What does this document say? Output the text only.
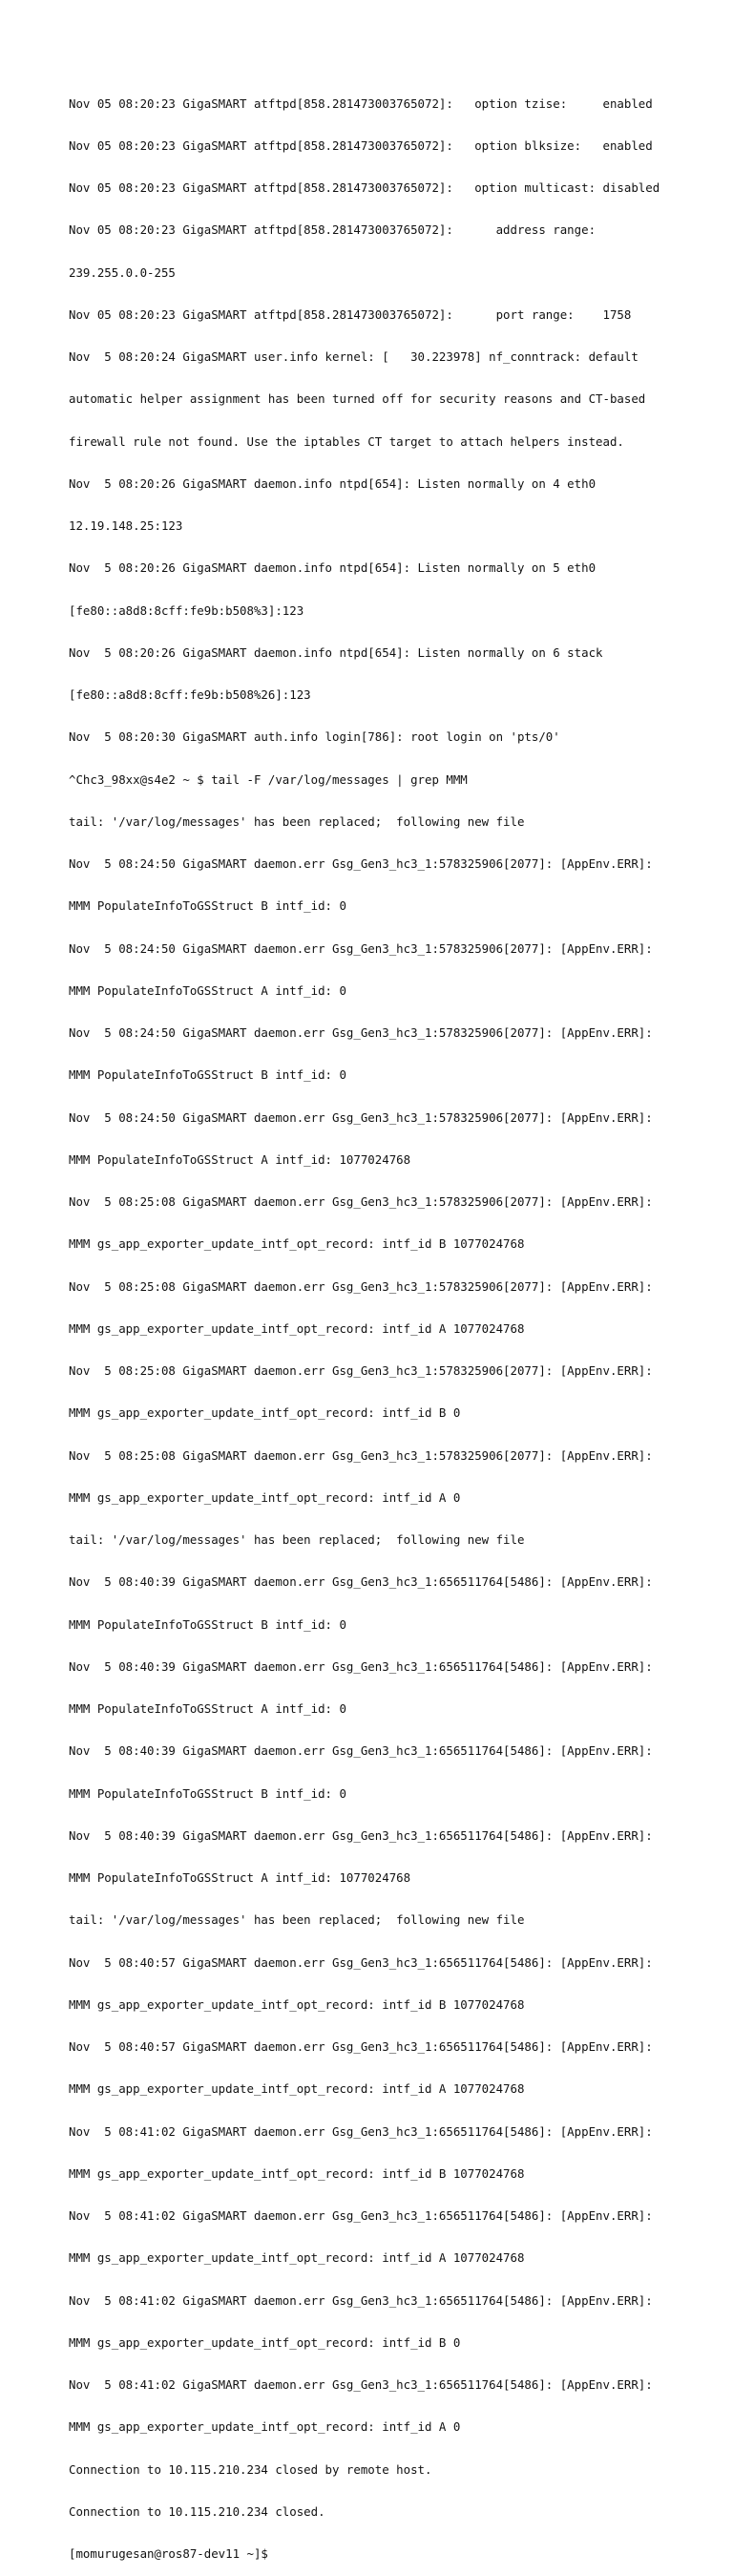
Nov 05 08:20:23 GigaSMART atftpd[858.281473003765072]:   option tzise:     enabled

Nov 05 08:20:23 GigaSMART atftpd[858.281473003765072]:   option blksize:   enabled

Nov 05 08:20:23 GigaSMART atftpd[858.281473003765072]:   option multicast: disabled

Nov 05 08:20:23 GigaSMART atftpd[858.281473003765072]:      address range:

239.255.0.0-255

Nov 05 08:20:23 GigaSMART atftpd[858.281473003765072]:      port range:    1758

Nov  5 08:20:24 GigaSMART user.info kernel: [   30.223978] nf_conntrack: default

automatic helper assignment has been turned off for security reasons and CT-based

firewall rule not found. Use the iptables CT target to attach helpers instead.

Nov  5 08:20:26 GigaSMART daemon.info ntpd[654]: Listen normally on 4 eth0

12.19.148.25:123

Nov  5 08:20:26 GigaSMART daemon.info ntpd[654]: Listen normally on 5 eth0

[fe80::a8d8:8cff:fe9b:b508%3]:123

Nov  5 08:20:26 GigaSMART daemon.info ntpd[654]: Listen normally on 6 stack

[fe80::a8d8:8cff:fe9b:b508%26]:123

Nov  5 08:20:30 GigaSMART auth.info login[786]: root login on 'pts/0'

^Chc3_98xx@s4e2 ~ $ tail -F /var/log/messages | grep MMM

tail: '/var/log/messages' has been replaced;  following new file

Nov  5 08:24:50 GigaSMART daemon.err Gsg_Gen3_hc3_1:578325906[2077]: [AppEnv.ERR]:

MMM PopulateInfoToGSStruct B intf_id: 0

Nov  5 08:24:50 GigaSMART daemon.err Gsg_Gen3_hc3_1:578325906[2077]: [AppEnv.ERR]:

MMM PopulateInfoToGSStruct A intf_id: 0

Nov  5 08:24:50 GigaSMART daemon.err Gsg_Gen3_hc3_1:578325906[2077]: [AppEnv.ERR]:

MMM PopulateInfoToGSStruct B intf_id: 0

Nov  5 08:24:50 GigaSMART daemon.err Gsg_Gen3_hc3_1:578325906[2077]: [AppEnv.ERR]:

MMM PopulateInfoToGSStruct A intf_id: 1077024768

Nov  5 08:25:08 GigaSMART daemon.err Gsg_Gen3_hc3_1:578325906[2077]: [AppEnv.ERR]:

MMM gs_app_exporter_update_intf_opt_record: intf_id B 1077024768

Nov  5 08:25:08 GigaSMART daemon.err Gsg_Gen3_hc3_1:578325906[2077]: [AppEnv.ERR]:

MMM gs_app_exporter_update_intf_opt_record: intf_id A 1077024768

Nov  5 08:25:08 GigaSMART daemon.err Gsg_Gen3_hc3_1:578325906[2077]: [AppEnv.ERR]:

MMM gs_app_exporter_update_intf_opt_record: intf_id B 0

Nov  5 08:25:08 GigaSMART daemon.err Gsg_Gen3_hc3_1:578325906[2077]: [AppEnv.ERR]:

MMM gs_app_exporter_update_intf_opt_record: intf_id A 0

tail: '/var/log/messages' has been replaced;  following new file

Nov  5 08:40:39 GigaSMART daemon.err Gsg_Gen3_hc3_1:656511764[5486]: [AppEnv.ERR]:

MMM PopulateInfoToGSStruct B intf_id: 0

Nov  5 08:40:39 GigaSMART daemon.err Gsg_Gen3_hc3_1:656511764[5486]: [AppEnv.ERR]:

MMM PopulateInfoToGSStruct A intf_id: 0

Nov  5 08:40:39 GigaSMART daemon.err Gsg_Gen3_hc3_1:656511764[5486]: [AppEnv.ERR]:

MMM PopulateInfoToGSStruct B intf_id: 0

Nov  5 08:40:39 GigaSMART daemon.err Gsg_Gen3_hc3_1:656511764[5486]: [AppEnv.ERR]:

MMM PopulateInfoToGSStruct A intf_id: 1077024768

tail: '/var/log/messages' has been replaced;  following new file

Nov  5 08:40:57 GigaSMART daemon.err Gsg_Gen3_hc3_1:656511764[5486]: [AppEnv.ERR]:

MMM gs_app_exporter_update_intf_opt_record: intf_id B 1077024768

Nov  5 08:40:57 GigaSMART daemon.err Gsg_Gen3_hc3_1:656511764[5486]: [AppEnv.ERR]:

MMM gs_app_exporter_update_intf_opt_record: intf_id A 1077024768

Nov  5 08:41:02 GigaSMART daemon.err Gsg_Gen3_hc3_1:656511764[5486]: [AppEnv.ERR]:

MMM gs_app_exporter_update_intf_opt_record: intf_id B 1077024768

Nov  5 08:41:02 GigaSMART daemon.err Gsg_Gen3_hc3_1:656511764[5486]: [AppEnv.ERR]:

MMM gs_app_exporter_update_intf_opt_record: intf_id A 1077024768

Nov  5 08:41:02 GigaSMART daemon.err Gsg_Gen3_hc3_1:656511764[5486]: [AppEnv.ERR]:

MMM gs_app_exporter_update_intf_opt_record: intf_id B 0

Nov  5 08:41:02 GigaSMART daemon.err Gsg_Gen3_hc3_1:656511764[5486]: [AppEnv.ERR]:

MMM gs_app_exporter_update_intf_opt_record: intf_id A 0

Connection to 10.115.210.234 closed by remote host.

Connection to 10.115.210.234 closed.

[momurugesan@ros87-dev11 ~]$
